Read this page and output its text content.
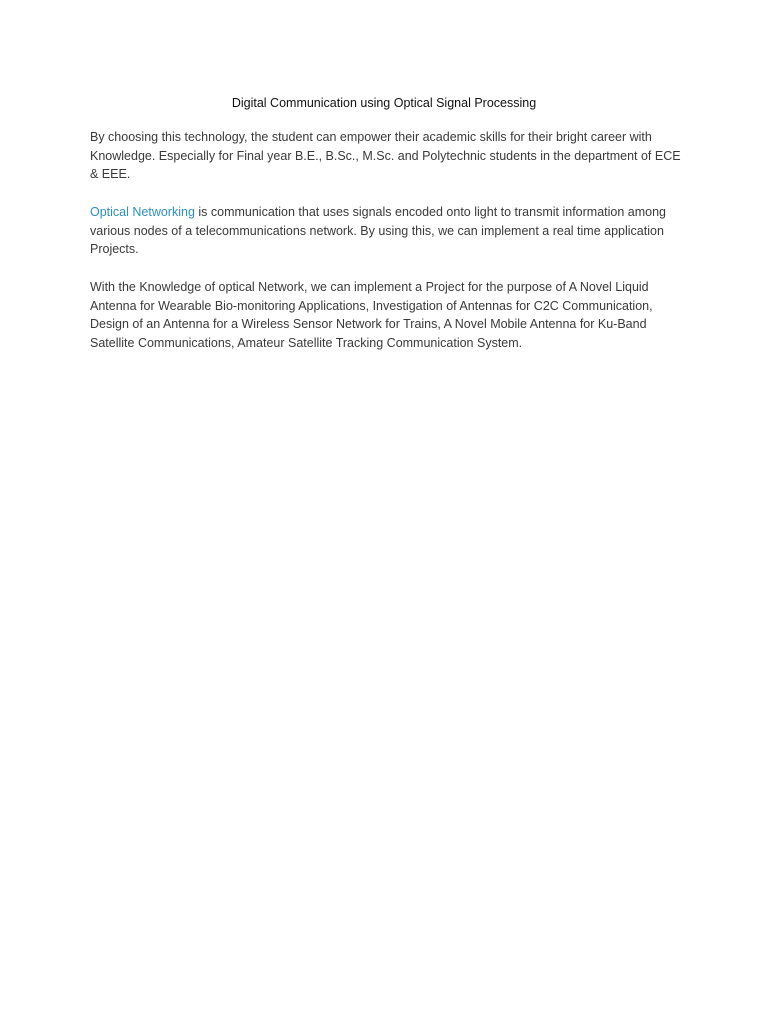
Digital Communication using Optical Signal Processing

By choosing this technology, the student can empower their academic skills for their bright career with Knowledge. Especially for Final year B.E., B.Sc., M.Sc. and Polytechnic students in the department of ECE & EEE.

Optical Networking is communication that uses signals encoded onto light to transmit information among various nodes of a telecommunications network. By using this, we can implement a real time application Projects.

With the Knowledge of optical Network, we can implement a Project for the purpose of A Novel Liquid Antenna for Wearable Bio-monitoring Applications, Investigation of Antennas for C2C Communication, Design of an Antenna for a Wireless Sensor Network for Trains, A Novel Mobile Antenna for Ku-Band Satellite Communications, Amateur Satellite Tracking Communication System.
